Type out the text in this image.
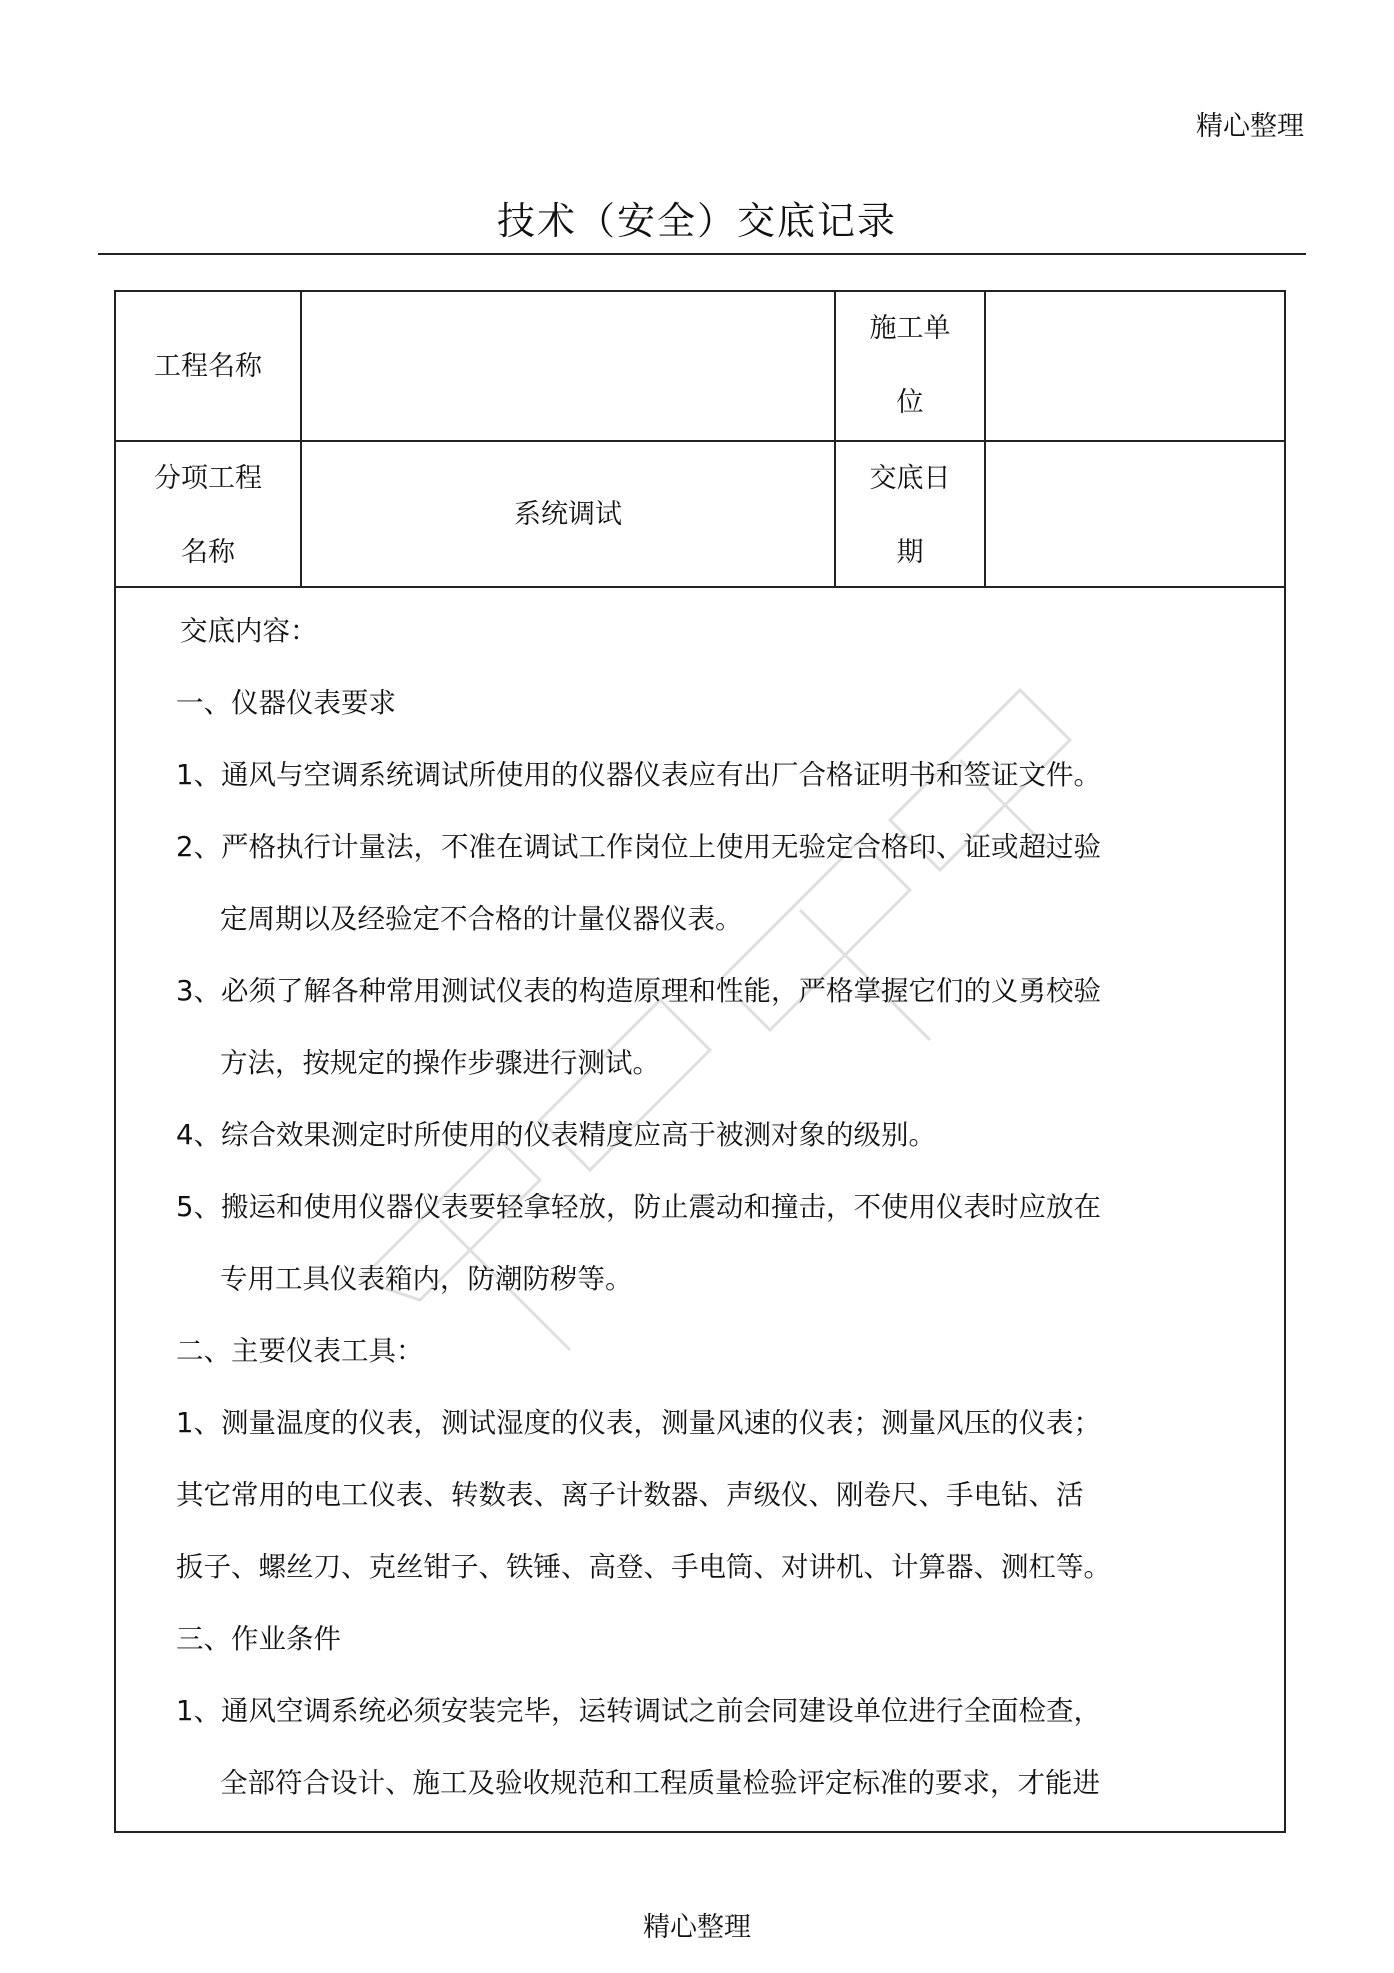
精心整理
技术（安全）交底记录
工程名称
施工单
位
分项工程
名称
系统调试
交底日
期
交底内容：
一、仪器仪表要求
1、通风与空调系统调试所使用的仪器仪表应有出厂合格证明书和签证文件。
2、严格执行计量法，不准在调试工作岗位上使用无验定合格印、证或超过验
定周期以及经验定不合格的计量仪器仪表。
3、必须了解各种常用测试仪表的构造原理和性能，严格掌握它们的义勇校验
方法，按规定的操作步骤进行测试。
4、综合效果测定时所使用的仪表精度应高于被测对象的级别。
5、搬运和使用仪器仪表要轻拿轻放，防止震动和撞击，不使用仪表时应放在
专用工具仪表箱内，防潮防秽等。
二、主要仪表工具：
1、测量温度的仪表，测试湿度的仪表，测量风速的仪表；测量风压的仪表；
其它常用的电工仪表、转数表、离子计数器、声级仪、刚卷尺、手电钻、活
扳子、螺丝刀、克丝钳子、铁锤、高登、手电筒、对讲机、计算器、测杠等。
三、作业条件
1、通风空调系统必须安装完毕，运转调试之前会同建设单位进行全面检查，
全部符合设计、施工及验收规范和工程质量检验评定标准的要求，才能进
精心整理
